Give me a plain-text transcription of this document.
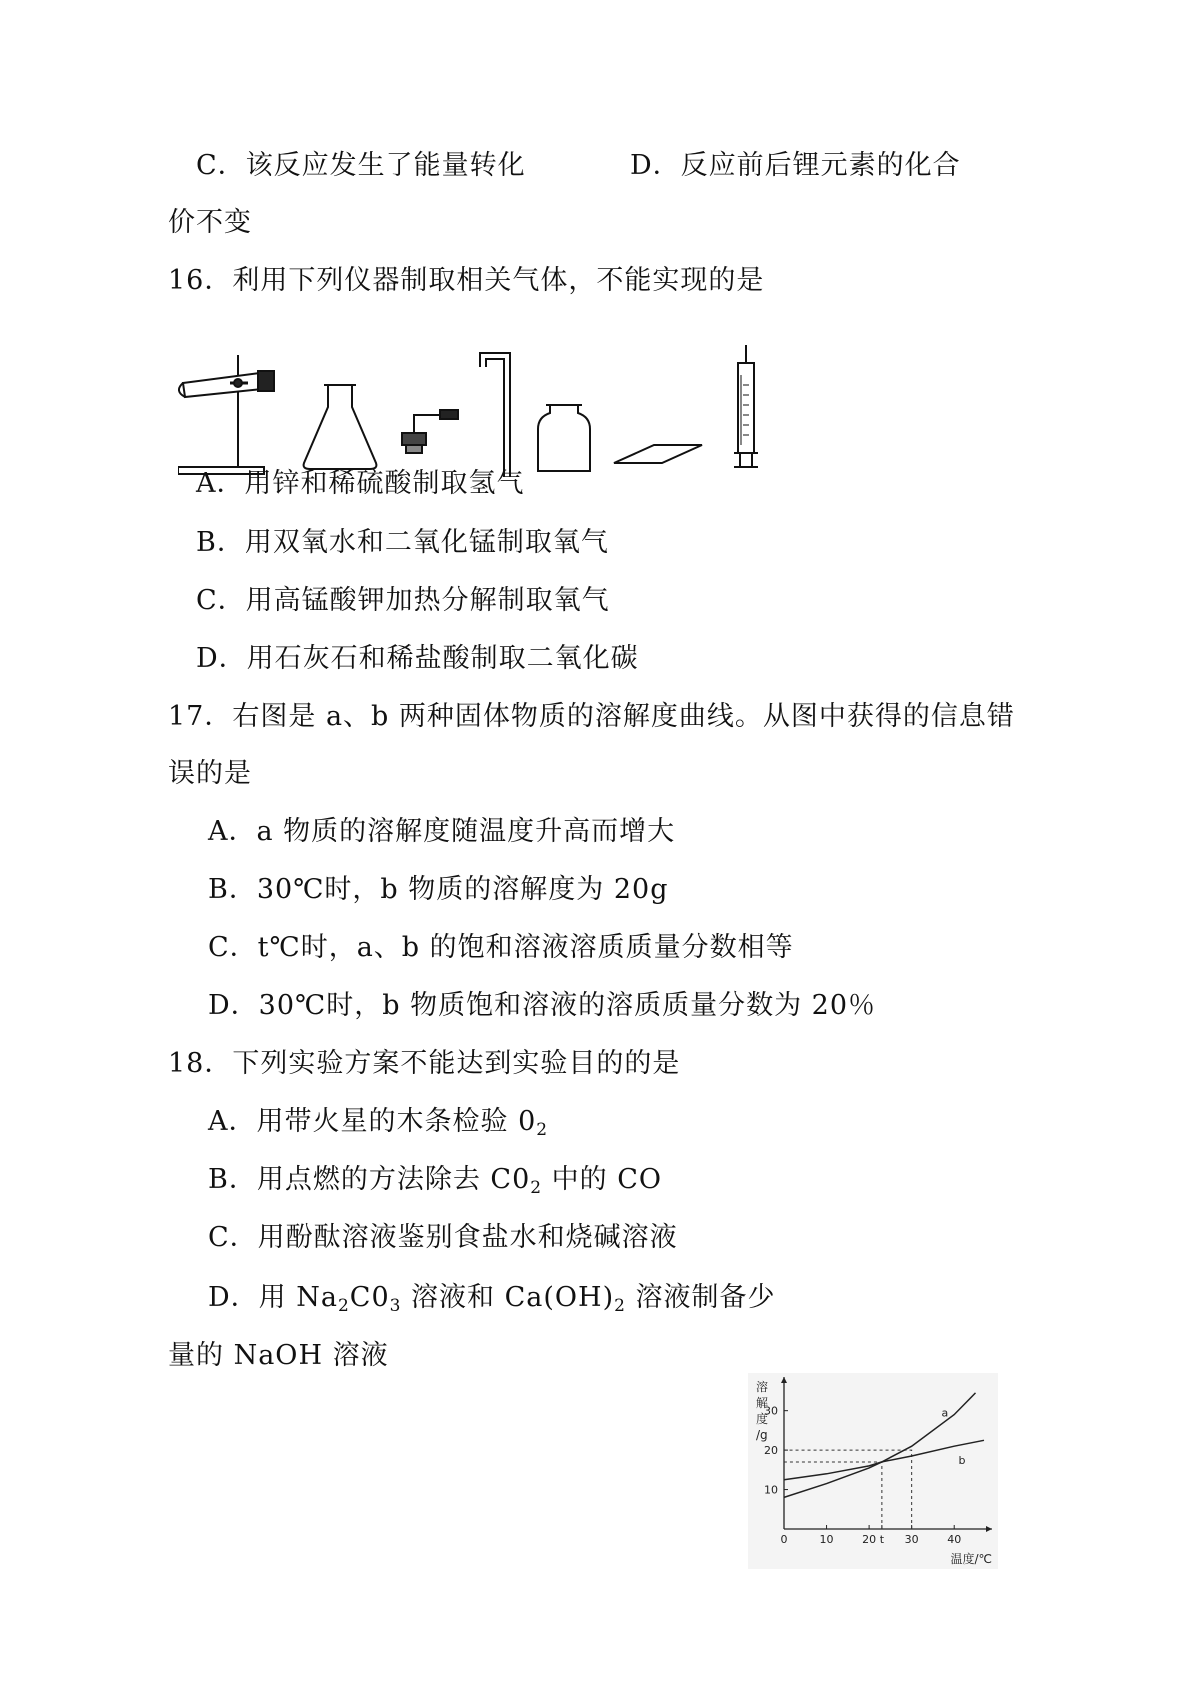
C．该反应发生了能量转化	D．反应前后锂元素的化合
价不变
16．利用下列仪器制取相关气体，不能实现的是
A．用锌和稀硫酸制取氢气
B．用双氧水和二氧化锰制取氧气
C．用高锰酸钾加热分解制取氧气
D．用石灰石和稀盐酸制取二氧化碳
17．右图是 a、b 两种固体物质的溶解度曲线。从图中获得的信息错
误的是
A．a 物质的溶解度随温度升高而增大
B．30℃时，b 物质的溶解度为 20g
C．t℃时，a、b 的饱和溶液溶质质量分数相等
D．30℃时，b 物质饱和溶液的溶质质量分数为 20％
18．下列实验方案不能达到实验目的的是
A．用带火星的木条检验 $0_2$
B．用点燃的方法除去 $C0_2$ 中的 CO
C．用酚酞溶液鉴别食盐水和烧碱溶液
D．用 $Na_2C0_3$ 溶液和 $Ca(OH)_2$ 溶液制备少
量的 NaOH 溶液
10
20
30
0	10	20 t 30	40
溶
解
度
/g
温度/℃
a
b
